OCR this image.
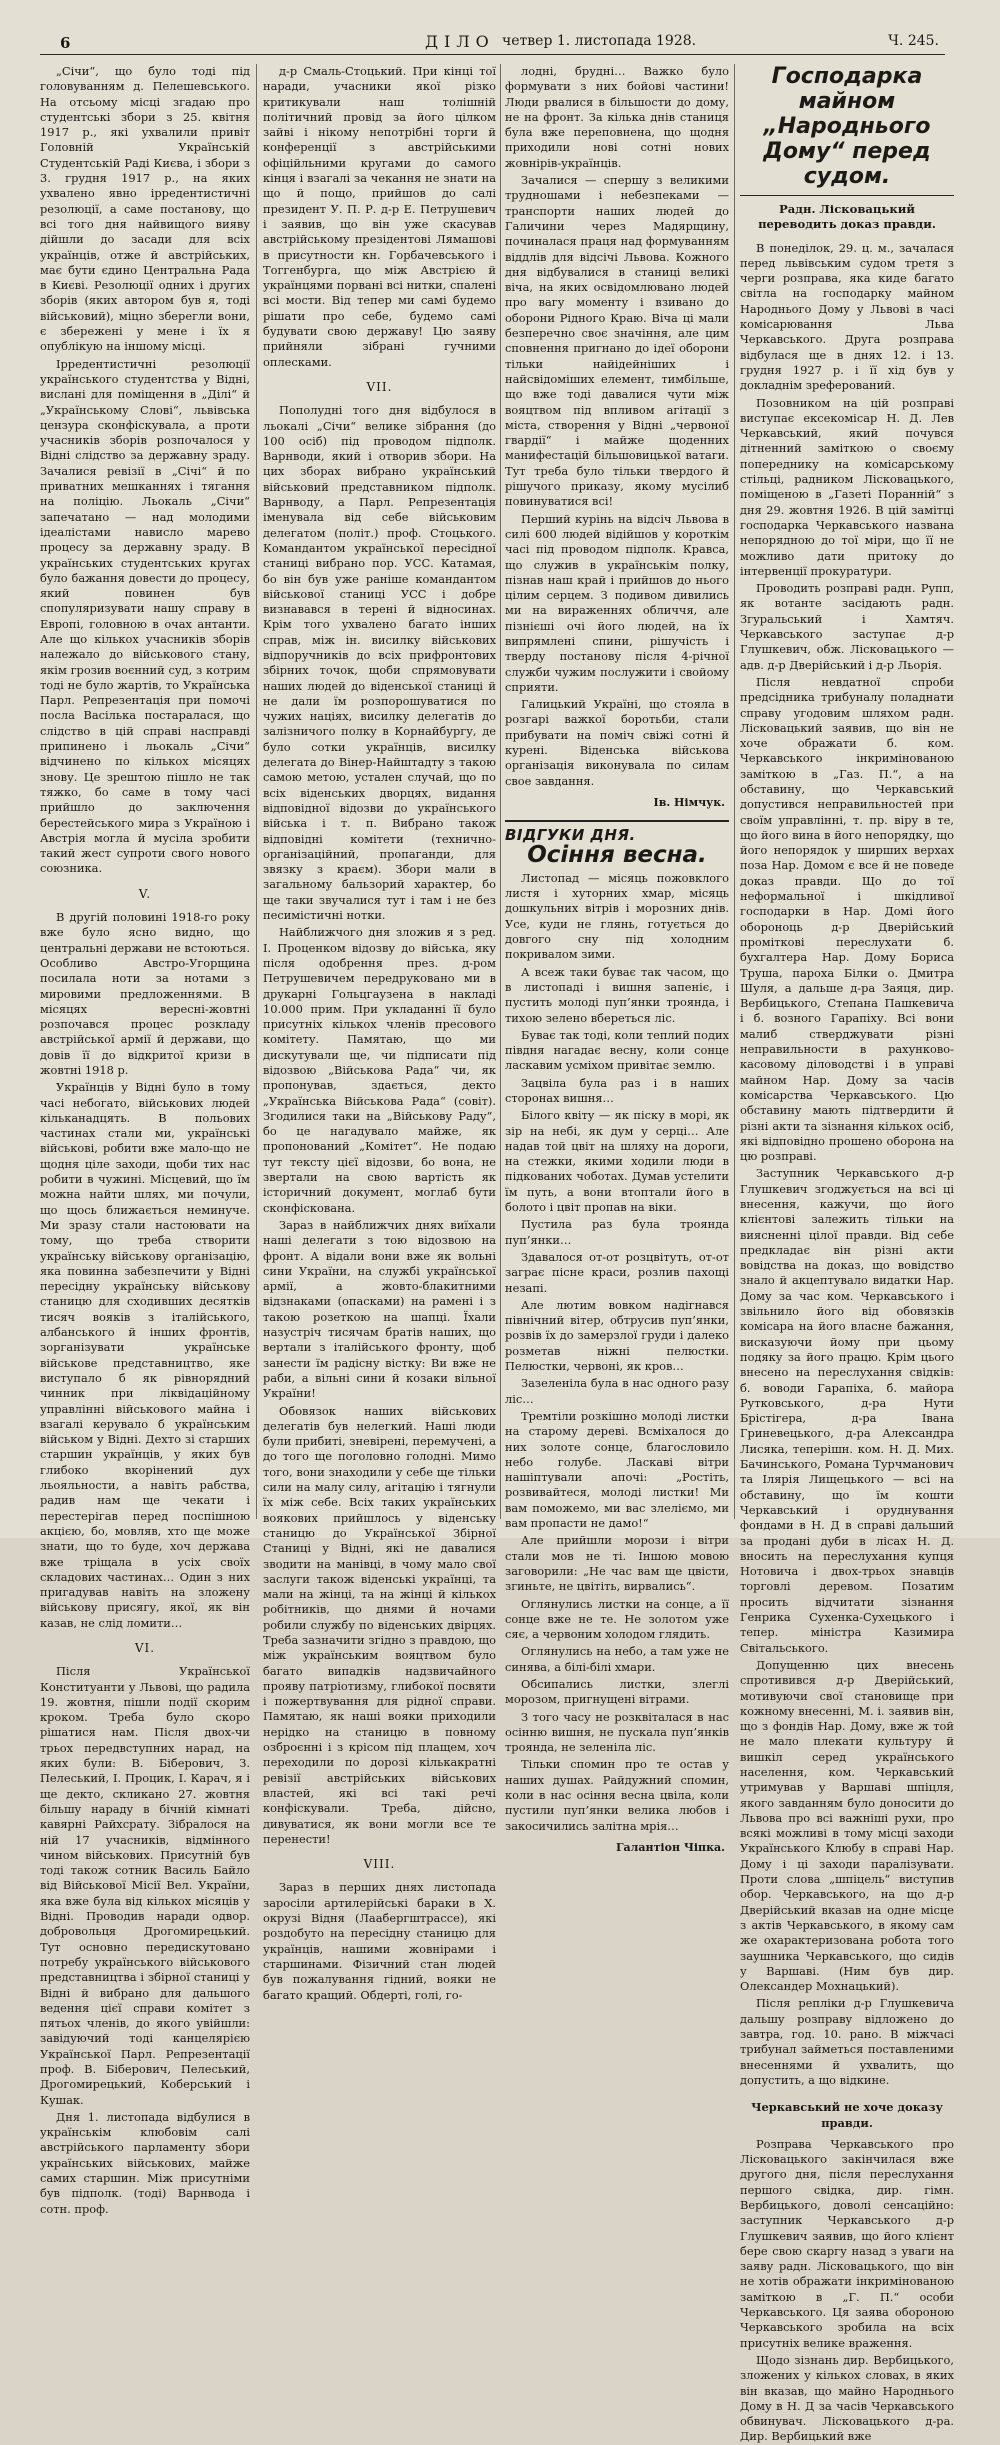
6	ДІЛО четвер 1. листопада 1928.	Ч. 245.

„Січи“, що було тоді під головуванням д. Пелешевського. На отсьому місці згадаю про студентські збори з 25. квітня 1917 р., які ухвалили привіт Головній Українській Студентській Раді Києва, і збори з 3. грудня 1917 р., на яких ухвалено явно ірредентистичні резолюції, а саме постанову, що всі того дня найвищого вияву дійшли до засади для всіх українців, отже й австрійських, має бути єдино Центральна Рада в Києві. Резолюції одних і других зборів (яких автором був я, тоді військовий), міцно зберегли вони, є збережені у мене і їх я опублікую на іншому місці.

Ірредентистичні резолюції українського студентства у Відні, вислані для поміщення в „Ділі“ й „Українському Слові“, львівська цензура сконфіскувала, а проти учасників зборів розпочалося у Відні слідство за державну зраду. Зачалися ревізії в „Січі“ й по приватних мешканнях і тягання на поліцію. Льокаль „Січи“ запечатано — над молодими ідеалістами нависло марево процесу за державну зраду. В українських студентських кругах було бажання довести до процесу, який повинен був спопуляризувати нашу справу в Европі, головною в очах антанти. Але що кількох учасників зборів належало до військового стану, якім грозив воєнний суд, з котрим тоді не було жартів, то Українська Парл. Репрезентація при помочі посла Васілька постаралася, що слідство в цій справі насправді припинено і льокаль „Січи“ відчинено по кількох місяцях знову. Це зрештою пішло не так тяжко, бо саме в тому часі прийшло до заключення берестейського мира з Україною і Австрія могла й мусіла зробити такий жест супроти свого нового союзника.

V.

В другій половині 1918-го року вже було ясно видно, що центральні держави не встоються. Особливо Австро-Угорщина посилала ноти за нотами з мировими предложеннями. В місяцях вересні-жовтні розпочався процес розкладу австрійської армії й держави, що довів її до відкритої кризи в жовтні 1918 р.

Українців у Відні було в тому часі небогато, військових людей кільканадцять. В польових частинах стали ми, українські військові, робити вже мало-що не щодня ціле заходи, щоби тих нас робити в чужині. Місцевий, що їм можна найти шлях, ми почули, що щось ближається неминуче. Ми зразу стали настоювати на тому, що треба створити українську військову організацію, яка повинна забезпечити у Відні пересідну українську військову станицю для сходивших десятків тисяч вояків з італійського, албанського й інших фронтів, зорганізувати українське військове представництво, яке виступало б як рівнорядний чинник при ліквідаційному управлінні військового майна і взагалі керувало б українським військом у Відні. Дехто зі старших старшин українців, у яких був глибоко вкорінений дух льояльности, а навіть рабства, радив нам ще чекати і перестерігав перед поспішною акцією, бо, мовляв, хто ще може знати, що то буде, хоч держава вже тріщала в усіх своїх складових частинах… Один з них пригадував навіть на зложену військову присягу, якої, як він казав, не слід ломити…

VI.

Після Української Конституанти у Львові, що радила 19. жовтня, пішли події скорим кроком. Треба було скоро рішатися нам. Після двох-чи трьох передвступних нарад, на яких були: В. Біберович, З. Пелеський, І. Процик, І. Карач, я і ще декто, скликано 27. жовтня більшу нараду в бічній кімнаті кавярні Райхсрату. Зібралося на ній 17 учасників, відмінного чином військових. Присутній був тоді також сотник Василь Байло від Військової Місії Вел. України, яка вже була від кількох місяців у Відні. Проводив наради одвор. добровольця Дрогомирецький. Тут основно передискутовано потребу українського військового представництва і збірної станиці у Відні й вибрано для дальшого ведення цієї справи комітет з пятьох членів, до якого увійшли: завідуючий тоді канцелярією Української Парл. Репрезентації проф. В. Біберович, Пелеський, Дрогомирецький, Коберський і Кушак.

Дня 1. листопада відбулися в українськім клюбовім салі австрійського парламенту збори українських військових, майже самих старшин. Між присутніми був підполк. (тоді) Варнвода і сотн. проф.

д-р Смаль-Стоцький. При кінці тої наради, учасники якої різко критикували наш толішній політичний провід за його цілком зайві і нікому непотрібні торги й конференції з австрійськими офіційльними кругами до самого кінця і взагалі за чекання не знати на що й пощо, прийшов до салі президент У. П. Р. д-р Е. Петрушевич і заявив, що він уже скасував австрійському прeзідентові Лямашові в присутности кн. Горбачевського і Тоггенбурга, що між Австрією й українцями порвані всі нитки, спалені всі мости. Від тепер ми самі будемо рішати про себе, будемо самі будувати свою державу! Цю заяву прийняли зібрані гучними оплесками.

VII.

Пополудні того дня відбулося в льокалі „Січи“ велике зібрання (до 100 осіб) під проводом підполк. Варнводи, який і отворив збори. На цих зборах вибрано український військовий представником підполк. Варнводу, а Парл. Репрезентація іменувала від себе військовим делегатом (політ.) проф. Стоцького. Командантом української пересідної станиці вибрано пор. УСС. Катамая, бо він був уже раніше командантом військової станиці УСС і добре визнавався в терені й відносинах. Крім того ухвалено багато інших справ, між ін. висилку військових відпоручників до всіх прифронтових збірних точок, щоби спрямовувати наших людей до віденської станиці й не дали їм розпорошуватися по чужих націях, висилку делегатів до залізничого полку в Корнайбургу, де було сотки українців, висилку делегата до Вінер-Найштадту з такою самою метою, устален случай, що по всіх віденських дворцях, видання відповідної відозви до українського війська і т. п. Вибрано також відповідні комітети (технично-організаційний, пропаганди, для звязку з краєм). Збори мали в загальному бальзорий характер, бо ще таки звучалися тут і там і не без песимістичні нотки.

Найближчого дня зложив я з ред. І. Проценком відозву до війська, яку після одобрення през. д-ром Петрушевичем передруковано ми в друкарні Гольцгаузена в накладі 10.000 прим. При укладанні її було присутніх кількох членів пресового комітету. Памятаю, що ми дискутували ще, чи підписати під відозвою „Військова Рада“ чи, як пропонував, здається, декто „Українська Військова Рада“ (совіт). Згодилися таки на „Військову Раду“, бо це нагадувало майже, як пропонований „Комітет“. Не подаю тут тексту цієї відозви, бо вона, не звертали на свою вартість як історичний документ, моглаб бути сконфіскована.

Зараз в найближчих днях виїхали наші делегати з тою відозвою на фронт. А відали вони вже як вольні сини України, на службі української армії, а жовто-блакитними відзнаками (опасками) на рамені і з такою розеткою на шапці. Їхали назустріч тисячам братів наших, що вертали з італійського фронту, щоб занести їм радісну вістку: Ви вже не раби, а вільні сини й козаки вільної України!

Обовязок наших військових делегатів був нелегкий. Наші люди були прибиті, зневірені, перемучені, а до того ще поголовно голодні. Мимо того, вони знаходили у себе ще тільки сили на малу силу, агітацію і тягнули їх між себе. Всіх таких українських воякових прийшлось у віденську станицю до Української Збірної Станиці у Відні, які не давалися зводити на манівці, в чому мало свої заслуги також віденські українці, та мали на жінці, та на жінці й кількох робітників, що днями й ночами робили службу по віденських двірцях. Треба зазначити згідно з правдою, що між українським вояцтвом було багато випадків надзвичайного прояву патріотизму, глибокої посвяти і пожертвування для рідної справи. Памятаю, як наші вояки приходили нерідко на станицю в повному озброєнні і з крісом під плащем, хоч переходили по дорозі кількакратні ревізії австрійських військових властей, які всі такі речі конфіскували. Треба, дійсно, дивуватися, як вони могли все те перенести!

VIII.

Зараз в перших днях листопада заросіли артилерійські бараки в X. окрузі Відня (Лаабергштрассе), які роздобуто на пересідну станицю для українців, нашими жовнірами і старшинами. Фізичний стан людей був пожалування гідний, вояки не багато кращий. Обдерті, голі, го-

лодні, брудні… Важко було формувати з них бойові частини! Люди рвалися в більшости до дому, не на фронт. За кілька днів станиця була вже переповнена, що щодня приходили нові сотні нових жовнірів-українців.

Зачалися — спершу з великими трудношами і небезпеками — транспорти наших людей до Галичини через Мадярщину, починалася праця над формуванням віддлів для відсічі Львова. Кожного дня відбувалися в станиці великі віча, на яких освідомлювано людей про вагу моменту і взивано до оборони Рідного Краю. Віча ці мали безперечно своє значіння, але цим сповнення пригнано до ідеї оборони тільки найідейніших і найсвідоміших елемент, тимбільше, що вже тоді давалися чути між вояцтвом під впливом агітації з міста, створення у Відні „червоної гвардії“ і майже щоденних манифестацій більшовицької ватаги. Тут треба було тільки твердого й рішучого приказу, якому мусілиб повинуватися всі!

Перший курінь на відсіч Львова в силі 600 людей відійшов у короткім часі під проводом підполк. Кравса, що служив в українськім полку, пізнав наш край і прийшов до нього цілим серцем. З подивом дивились ми на вираженнях обличчя, але пізнієші очі його людей, на їх випрямлені спини, рішучість і тверду постанову після 4-річної служби чужим послужити і свойому сприяти.

Галицький Україні, що стояла в розгарі важкої боротьби, стали прибувати на поміч свіжі сотні й курені. Віденська військова організація виконувала по силам свое завдання.

Ів. Німчук.
ВІДГУКИ ДНЯ.
Осіння весна.

Листопад — місяць пожовклого листя і хуторних хмар, місяць дошкульних вітрів і морозних днів. Усе, куди не глянь, готується до довгого сну під холодним покривалом зими.

А всеж таки буває так часом, що в листопаді і вишня запеніє, і пустить молоді пуп’янки троянда, і тихою зелено вбереться ліс.

Буває так тоді, коли теплий подих півдня нагадає весну, коли сонце ласкавим усміхом привітає землю.

Зацвіла була раз і в наших сторонах вишня…

Білого квіту — як піску в морі, як зір на небі, як дум у серці… Але надав той цвіт на шляху на дороги, на стежки, якими ходили люди в підкованих чоботах. Думав устелити їм путь, а вони втоптали його в болото і цвіт пропав на віки.

Пустила раз була троянда пуп’янки…

Здавалося от-от розцвітуть, от-от заграє пісне краси, розлив пахощі незапі.

Але лютим вовком надігнався північний вітер, обтрусив пуп’янки, розвів їх до замерзлої груди і далеко розметав ніжні пелюстки. Пелюстки, червоні, як кров…

Зазеленіла була в нас одного разу ліс…

Тремтіли розкішно молоді листки на старому дереві. Всміхалося до них золоте сонце, благословило небо голубе. Ласкаві вітри нашіптували апочі: „Ростіть, розвивайтеся, молоді листки! Ми вам поможемо, ми вас злеліємо, ми вам пропасти не дамо!“

Але прийшли морози і вітри стали мов не ті. Іншою мовою заговорили: „Не час вам ще цвісти, згиньте, не цвітіть, вирвались“.

Оглянулись листки на сонце, а її сонце вже не те. Не золотом уже сяє, а червоним холодом глядить.

Оглянулись на небо, а там уже не синява, а білі-білі хмари.

Обсипались листки, злеглі морозом, пригнущені вітрами.

З того часу не розквіталася в нас осінню вишня, не пускала пуп’янків троянда, не зеленіла ліс.

Тільки спомин про те остав у наших душах. Райдужний спомин, коли в нас осіння весна цвіла, коли пустили пуп’янки велика любов і закосичились залітна мрія…

Галантіон Чіпка.
Господарка майном „Народнього Дому“ перед судом.
Радн. Лісковацький переводить доказ правди.

В понеділок, 29. ц. м., зачалася перед львівським судом третя з черги розправа, яка киде багато світла на господарку майном Народнього Дому у Львові в часі комісарювання Льва Черкавського. Друга розправа відбулася ще в днях 12. і 13. грудня 1927 р. і її хід був у докладнім зреферований.

Позовником на цій розправі виступає ексекомісар Н. Д. Лев Черкавський, який почувся дітненний заміткою о своєму попереднику на комісарському стільці, радником Лісковацького, поміщеною в „Газеті Поранній“ з дня 29. жовтня 1926. В цій замітці господарка Черкавського названа непорядною до тої міри, що її не можливо дати притоку до інтервенції прокуратури.

Проводить розправі радн. Рупп, як вотанте засідають радн. Згуральський і Хамтяч. Черкавського заступає д-р Глушкевич, обж. Лісковацького — адв. д-р Дверійський і д-р Льорія.

Після невдатної спроби предсідника трибуналу поладнати справу угодовим шляхом радн. Лісковацький заявив, що він не хоче ображати б. ком. Черкавського інкримінованою заміткою в „Газ. П.“, а на обставину, що Черкавський допустився неправильностей при своїм управлінні, т. пр. віру в те, що його вина в його непорядку, що його непорядок у ширших верхах поза Нар. Домом є все й не поведе доказ правди. Що до тої неформальної і шкідливої господарки в Нар. Домі його обороноць д-р Дверійський проміткові переслухати б. бухгалтера Нар. Дому Бориса Труша, пароха Білки о. Дмитра Шуля, а дальше д-ра Заяця, дир. Вербицького, Степана Пашкевича і б. возного Гарапіху. Всі вони малиб стверджувати різні неправильности в рахунково-касовому діловодстві і в управі майном Нар. Дому за часів комісарства Черкавського. Цю обставину мають підтвердити й різні акти та зізнання кількох осіб, які відповідно прошено оборона на цю розправі.

Заступник Черкавського д-р Глушкевич згоджується на всі ці внесення, кажучи, що його клієнтові залежить тільки на виясненні цілої правди. Від себе предкладає він різні акти вовідства на доказ, що вовідство знало й акцептувало видатки Нар. Дому за час ком. Черкавського і звільнило його від обовязків комісара на його власне бажання, висказуючи йому при цьому подяку за його працю. Крім цього внесено на переслухання свідків: б. воводи Гарапіха, б. майора Рутковського, д-ра Нути Брістігера, д-ра Івана Гриневецького, д-ра Александра Лисяка, теперішн. ком. Н. Д. Мих. Бачинського, Романа Турчманович та Ілярія Лищецького — всі на обставину, що їм кошти Черкавський і оруднування фондами в Н. Д в справі дальший за продані дуби в лісах Н. Д. вносить на переслухання купця Нотовича і двох-трьох знавців торговлі деревом. Позатим просить відчитати зізнання Генрика Сухенка-Сухецького і тепер. міністра Казимира Світальського.

Допущенню цих внесень спротивився д-р Дверійський, мотивуючи свої становище при кожному внесенні, М. і. заявив він, що з фондів Нар. Дому, вже ж той не мало плекати культуру й вишкіл серед українського населення, ком. Черкавський утримував у Варшаві шпіцля, якого завданням було доносити до Львова про всі важніші рухи, про всякі можливі в тому місці заходи Українського Клюбу в справі Нар. Дому і ці заходи паралізувати. Проти слова „шпіцель“ виступив обор. Черкавського, на що д-р Дверійський вказав на одне місце з актів Черкавського, в якому сам же охарактеризована робота того заушника Черкавського, що сидів у Варшаві. (Ним був дир. Олександер Мохнацький).

Після репліки д-р Глушкевича дальшу розправу відложено до завтра, год. 10. рано. В міжчасі трибунал займеться поставленими внесеннями й ухвалить, що допустить, а що відкине.

Черкавський не хоче доказу правди.

Розправа Черкавського про Лісковацького закінчилася вже другого дня, після переслухання першого свідка, дир. гімн. Вербицького, доволі сенсаційно: заступник Черкавського д-р Глушкевич заявив, що його клієнт бере свою скаргу назад з уваги на заяву радн. Лісковацького, що він не хотів ображати інкримінованою заміткою в „Г. П.“ особи Черкавського. Ця заява обороною Черкавського зробила на всіх присутніх велике враження.

Щодо зізнань дир. Вербицького, зложених у кількох словах, в яких він вказав, що майно Народнього Дому в Н. Д за часів Черкавського обвинувач. Лісковацького д-ра. Дир. Вербицький вже
